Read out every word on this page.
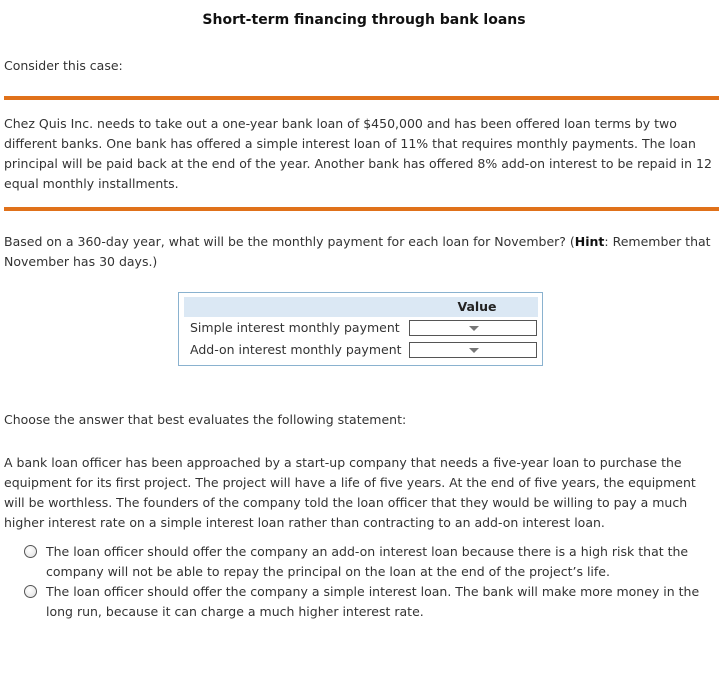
Short-term financing through bank loans

Consider this case:

Chez Quis Inc. needs to take out a one-year bank loan of $450,000 and has been offered loan terms by two different banks. One bank has offered a simple interest loan of 11% that requires monthly payments. The loan principal will be paid back at the end of the year. Another bank has offered 8% add-on interest to be repaid in 12 equal monthly installments.

Based on a 360-day year, what will be the monthly payment for each loan for November? (Hint: Remember that November has 30 days.)

Value
Simple interest monthly payment
Add-on interest monthly payment

Choose the answer that best evaluates the following statement:

A bank loan officer has been approached by a start-up company that needs a five-year loan to purchase the equipment for its first project. The project will have a life of five years. At the end of five years, the equipment will be worthless. The founders of the company told the loan officer that they would be willing to pay a much higher interest rate on a simple interest loan rather than contracting to an add-on interest loan.

The loan officer should offer the company an add-on interest loan because there is a high risk that the company will not be able to repay the principal on the loan at the end of the project’s life.
The loan officer should offer the company a simple interest loan. The bank will make more money in the long run, because it can charge a much higher interest rate.
